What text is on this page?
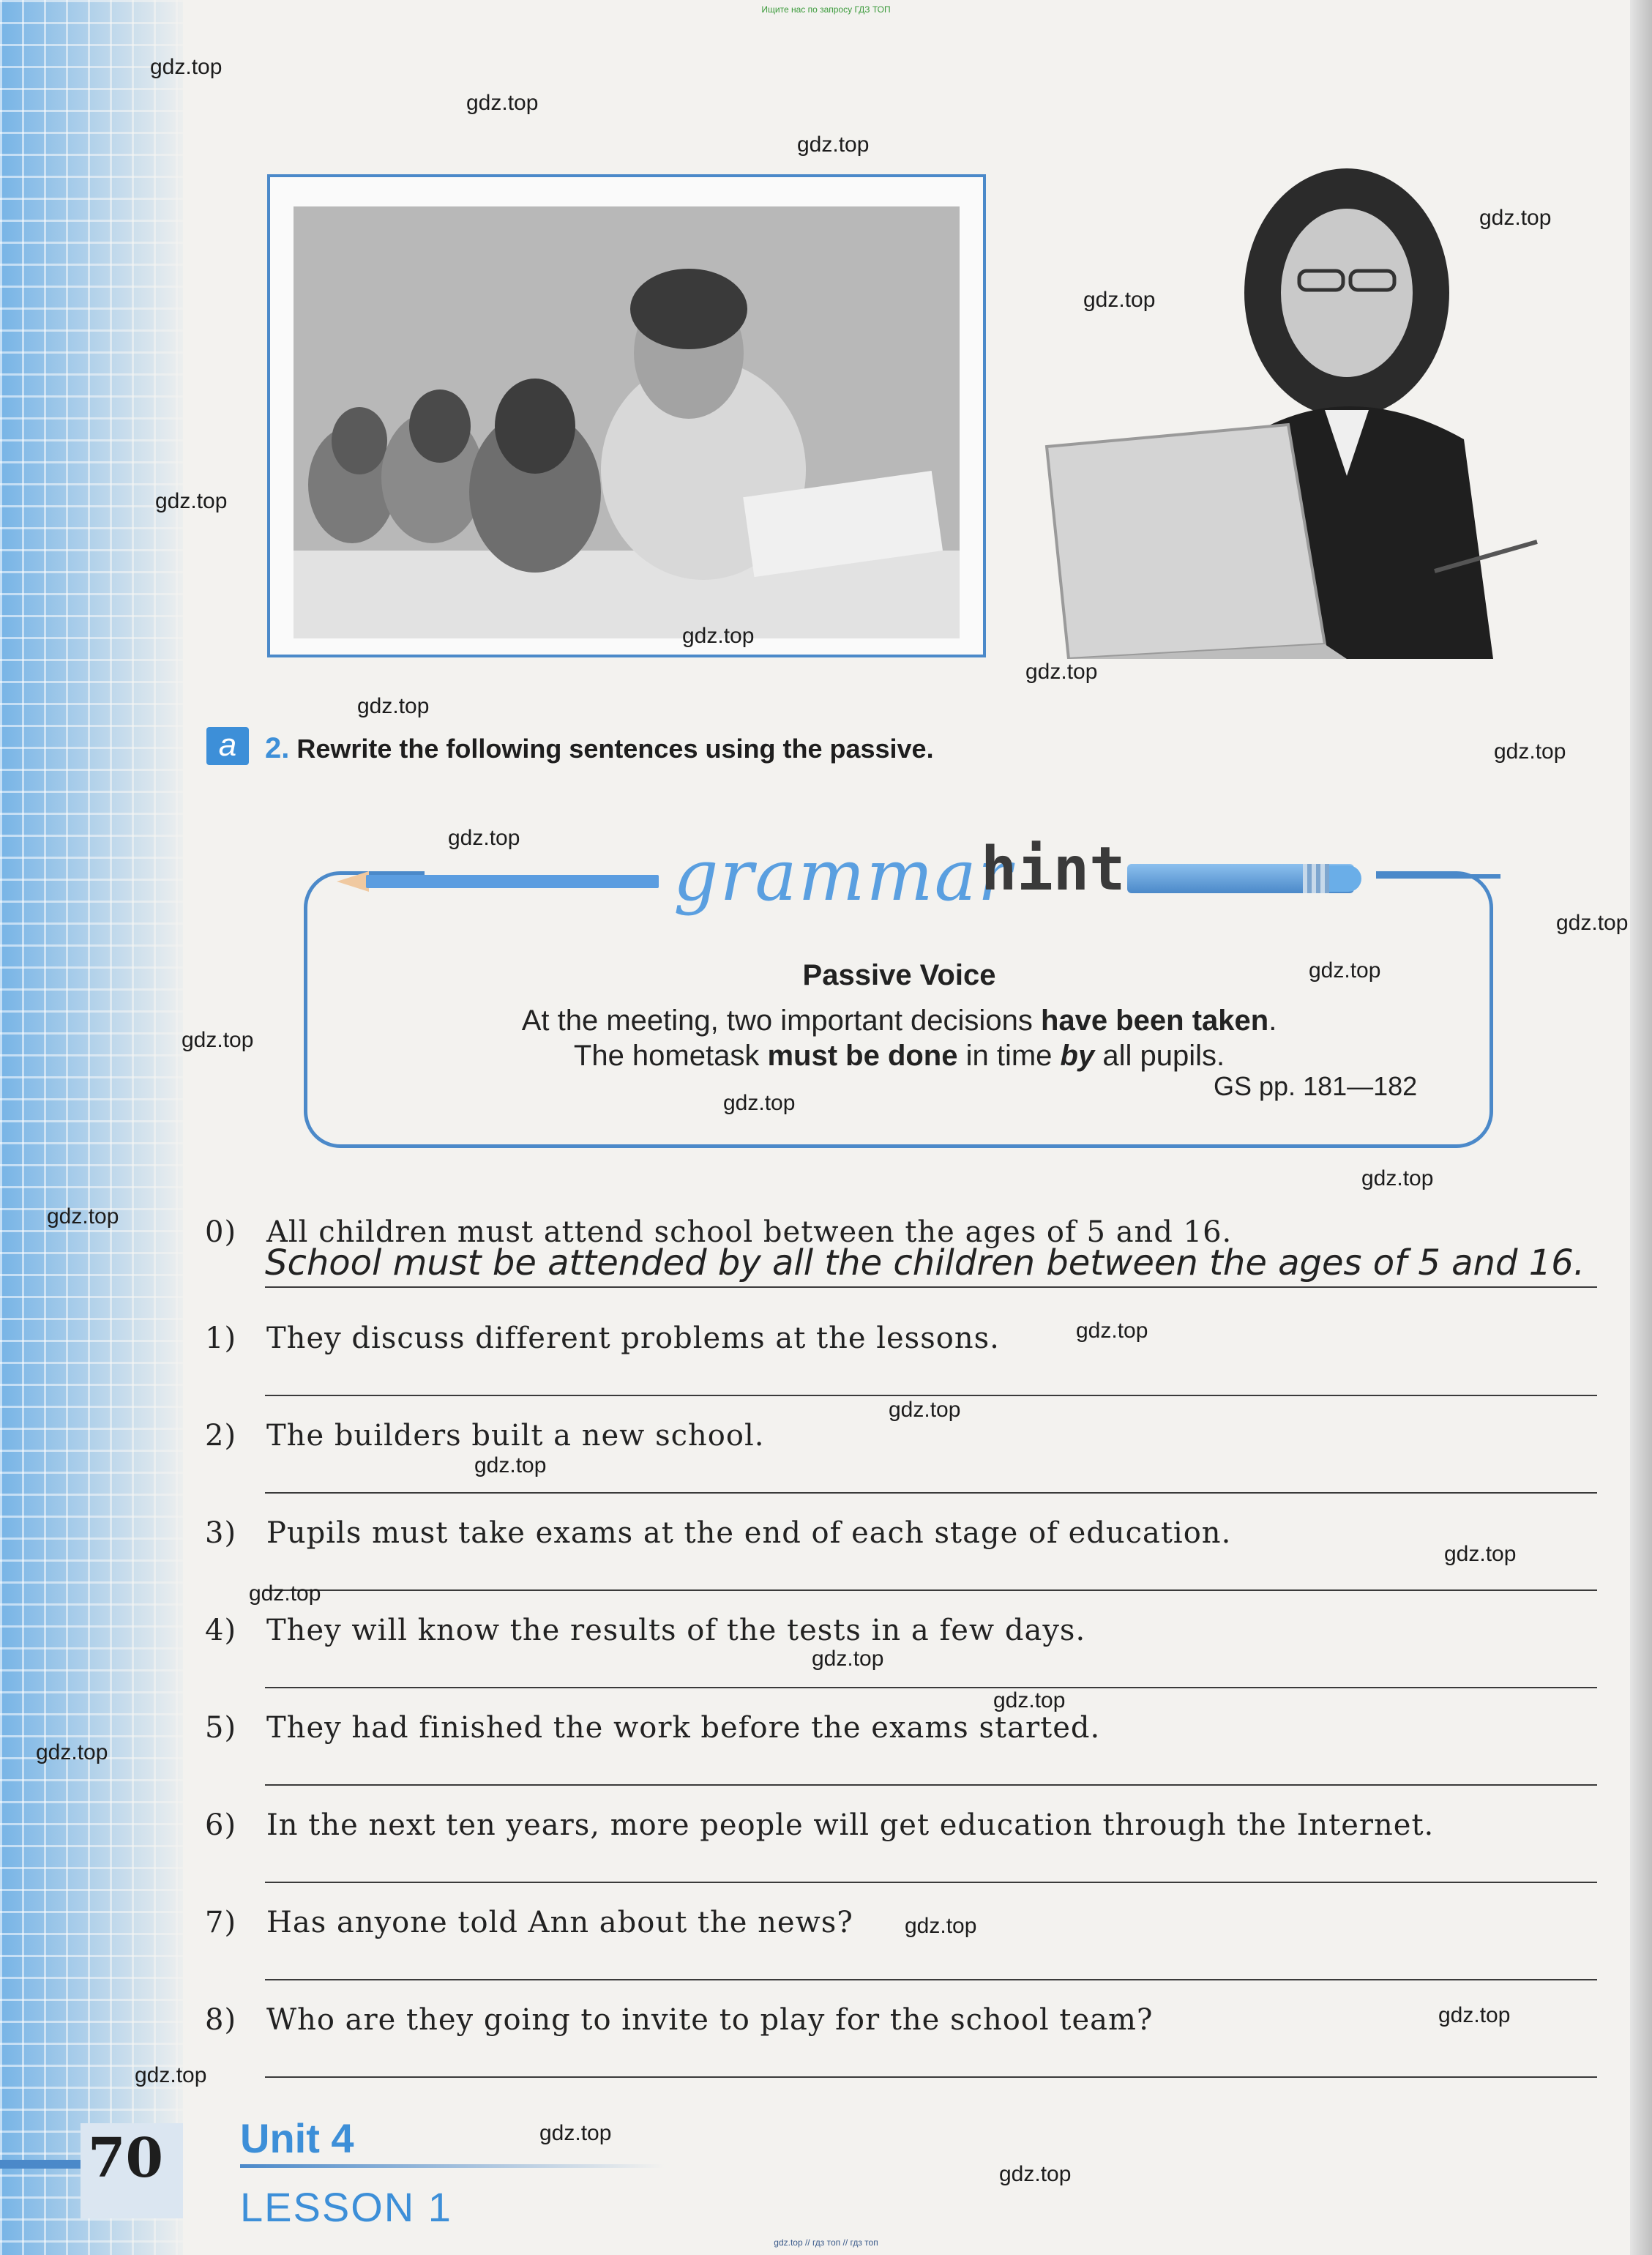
Ищите нас по запросу ГДЗ ТОП
a 2. Rewrite the following sentences using the passive.
grammar
hint
Passive Voice
At the meeting, two important decisions have been taken.
The hometask must be done in time by all pupils.
GS pp. 181—182
0) All children must attend school between the ages of 5 and 16.
School must be attended by all the children between the ages of 5 and 16.
1) They discuss different problems at the lessons.
2) The builders built a new school.
3) Pupils must take exams at the end of each stage of education.
4) They will know the results of the tests in a few days.
5) They had finished the work before the exams started.
6) In the next ten years, more people will get education through the Internet.
7) Has anyone told Ann about the news?
8) Who are they going to invite to play for the school team?
70 Unit 4
LESSON 1
gdz.top // гдз топ // гдз топ
gdz.top
gdz.top
gdz.top
gdz.top
gdz.top
gdz.top
gdz.top
gdz.top
gdz.top
gdz.top
gdz.top
gdz.top
gdz.top
gdz.top
gdz.top
gdz.top
gdz.top
gdz.top
gdz.top
gdz.top
gdz.top
gdz.top
gdz.top
gdz.top
gdz.top
gdz.top
gdz.top
gdz.top
gdz.top
gdz.top
